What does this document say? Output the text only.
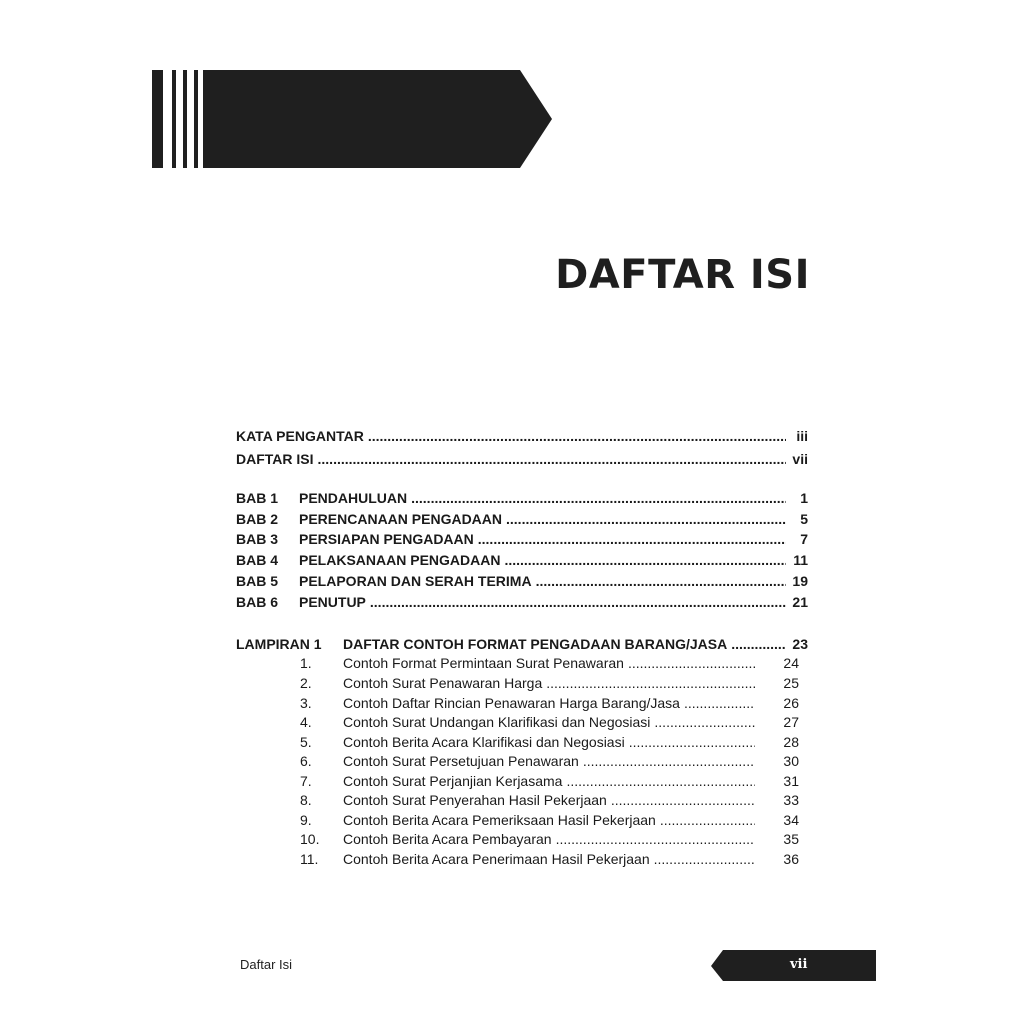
DAFTAR ISI
KATA PENGANTAR .....	iii
DAFTAR ISI .....	vii
BAB 1	PENDAHULUAN .....	1
BAB 2	PERENCANAAN PENGADAAN .....	5
BAB 3	PERSIAPAN PENGADAAN .....	7
BAB 4	PELAKSANAAN PENGADAAN .....	11
BAB 5	PELAPORAN DAN SERAH TERIMA .....	19
BAB 6	PENUTUP .....	21
LAMPIRAN 1	DAFTAR CONTOH FORMAT PENGADAAN BARANG/JASA .....	23
1.	Contoh Format Permintaan Surat Penawaran .....	24
2.	Contoh Surat Penawaran Harga .....	25
3.	Contoh Daftar Rincian Penawaran Harga Barang/Jasa .....	26
4.	Contoh Surat Undangan Klarifikasi dan Negosiasi .....	27
5.	Contoh Berita Acara Klarifikasi dan Negosiasi .....	28
6.	Contoh Surat Persetujuan Penawaran .....	30
7.	Contoh Surat Perjanjian Kerjasama .....	31
8.	Contoh Surat Penyerahan Hasil Pekerjaan .....	33
9.	Contoh Berita Acara Pemeriksaan Hasil Pekerjaan .....	34
10.	Contoh Berita Acara Pembayaran .....	35
11.	Contoh Berita Acara Penerimaan Hasil Pekerjaan .....	36
Daftar Isi	vii
